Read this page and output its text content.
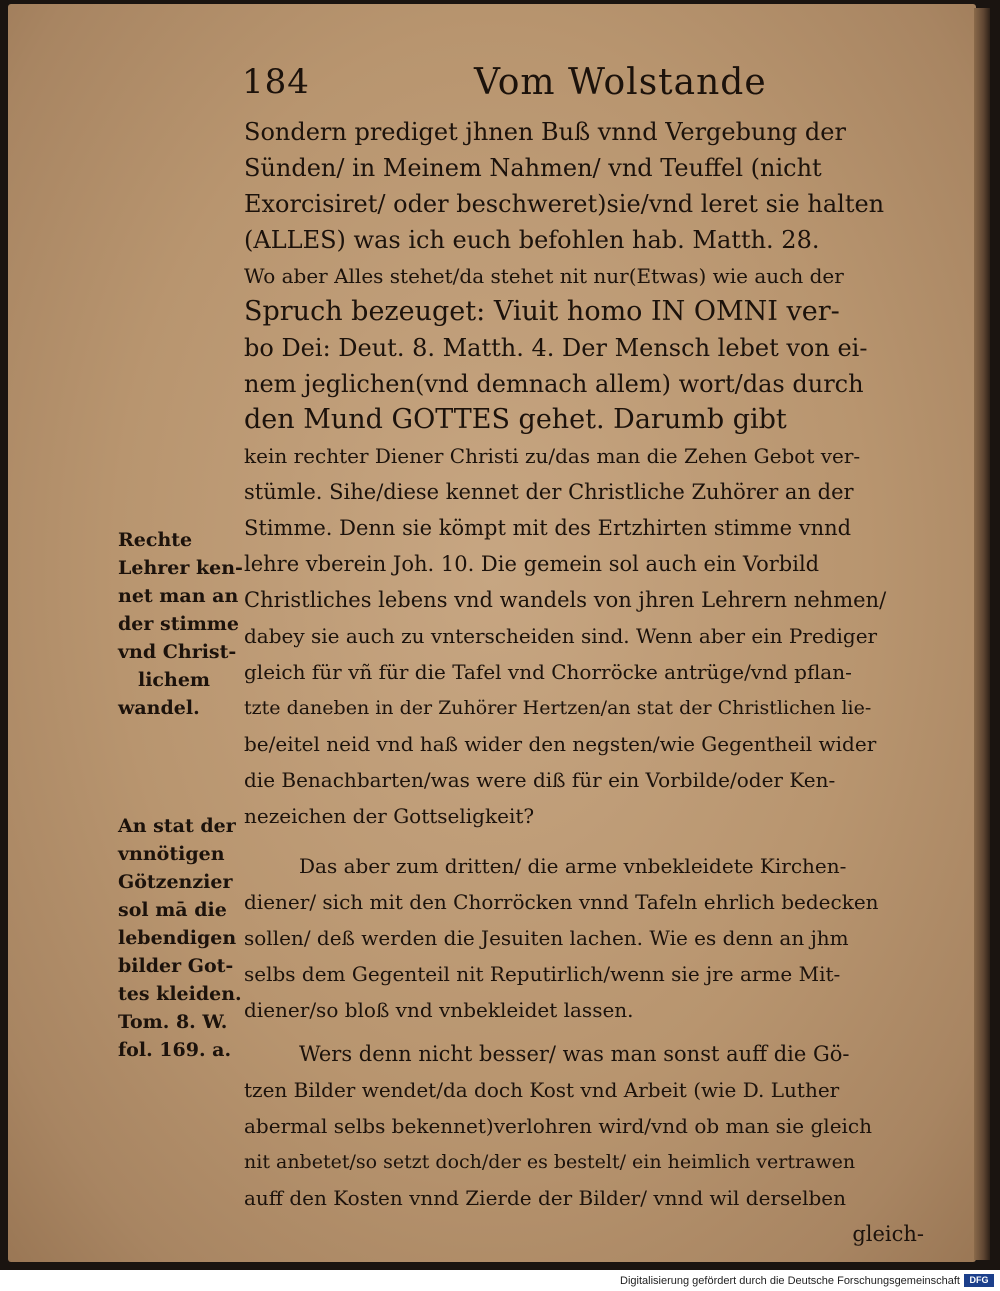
184	Vom Wolstande
Sondern prediget jhnen Buß vnnd Vergebung der
Sünden/ in Meinem Nahmen/ vnd Teuffel (nicht
Exorcisiret/ oder beschweret)sie/vnd leret sie halten
(ALLES) was ich euch befohlen hab. Matth. 28.
Wo aber Alles stehet/da stehet nit nur(Etwas) wie auch der
Spruch bezeuget: Viuit homo IN OMNI ver-
bo Dei: Deut. 8. Matth. 4. Der Mensch lebet von ei-
nem jeglichen(vnd demnach allem) wort/das durch
den Mund GOTTES gehet. Darumb gibt
kein rechter Diener Christi zu/das man die Zehen Gebot ver-
stümle. Sihe/diese kennet der Christliche Zuhörer an der
Stimme. Denn sie kömpt mit des Ertzhirten stimme vnnd
lehre vberein Joh. 10. Die gemein sol auch ein Vorbild
Christliches lebens vnd wandels von jhren Lehrern nehmen/
dabey sie auch zu vnterscheiden sind. Wenn aber ein Prediger
gleich für vñ für die Tafel vnd Chorröcke antrüge/vnd pflan-
tzte daneben in der Zuhörer Hertzen/an stat der Christlichen lie-
be/eitel neid vnd haß wider den negsten/wie Gegentheil wider
die Benachbarten/was were diß für ein Vorbilde/oder Ken-
nezeichen der Gottseligkeit?
Das aber zum dritten/ die arme vnbekleidete Kirchen-
diener/ sich mit den Chorröcken vnnd Tafeln ehrlich bedecken
sollen/ deß werden die Jesuiten lachen. Wie es denn an jhm
selbs dem Gegenteil nit Reputirlich/wenn sie jre arme Mit-
diener/so bloß vnd vnbekleidet lassen.
Wers denn nicht besser/ was man sonst auff die Gö-
tzen Bilder wendet/da doch Kost vnd Arbeit (wie D. Luther
abermal selbs bekennet)verlohren wird/vnd ob man sie gleich
nit anbetet/so setzt doch/der es bestelt/ ein heimlich vertrawen
auff den Kosten vnnd Zierde der Bilder/ vnnd wil derselben
gleich-
Rechte
Lehrer ken-
net man an
der stimme
vnd Christ-
lichem
wandel.
An stat der
vnnötigen
Götzenzier
sol mā die
lebendigen
bilder Got-
tes kleiden.
Tom. 8. W.
fol. 169. a.
Digitalisierung gefördert durch die Deutsche Forschungsgemeinschaft	DFG
